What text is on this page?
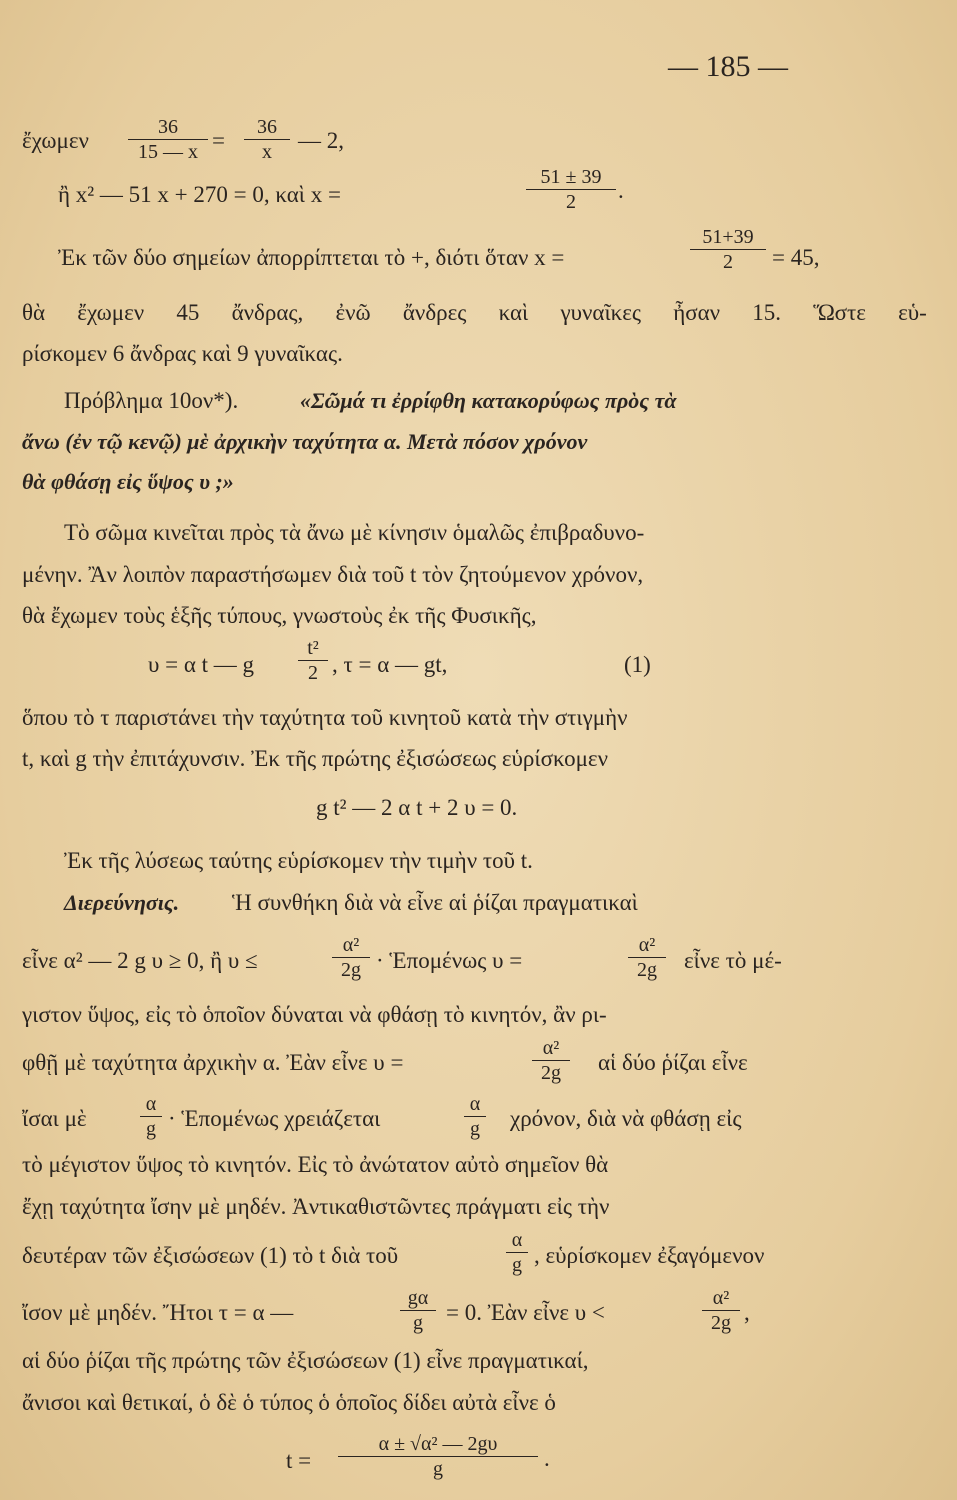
— 185 —
ἔχωμεν $\frac{36}{15 — x} = \frac{36}{x}$ — 2,
ἢ x² — 51 x + 270 = 0, καὶ x =	$\frac{51 \pm 39}{2}$ .
Ἐκ τῶν δύο σημείων ἀπορρίπτεται τὸ +, διότι ὅταν x =	$\frac{51+39}{2} = 45$,
θὰ ἔχωμεν 45 ἄνδρας, ἐνῶ ἄνδρες καὶ γυναῖκες ἦσαν 15. Ὥστε εὑ-
ρίσκομεν 6 ἄνδρας καὶ 9 γυναῖκας.
Πρόβλημα 10ον*).	«Σῶμά τι ἐρρίφθη κατακορύφως πρὸς τὰ
ἄνω (ἐν τῷ κενῷ) μὲ ἀρχικὴν ταχύτητα α. Μετὰ πόσον χρόνον
θὰ φθάσῃ εἰς ὕψος υ ;»
Τὸ σῶμα κινεῖται πρὸς τὰ ἄνω μὲ κίνησιν ὁμαλῶς ἐπιβραδυνο-
μένην. Ἂν λοιπὸν παραστήσωμεν διὰ τοῦ t τὸν ζητούμενον χρόνον,
θὰ ἔχωμεν τοὺς ἑξῆς τύπους, γνωστοὺς ἐκ τῆς Φυσικῆς,
υ = α t — g $\frac{\text{t²}}{2}$ , τ = α — gt,	(1)
ὅπου τὸ τ παριστάνει τὴν ταχύτητα τοῦ κινητοῦ κατὰ τὴν στιγμὴν
t, καὶ g τὴν ἐπιτάχυνσιν. Ἐκ τῆς πρώτης ἐξισώσεως εὑρίσκομεν
g t² — 2 α t + 2 υ = 0.
Ἐκ τῆς λύσεως ταύτης εὑρίσκομεν τὴν τιμὴν τοῦ t.
Διερεύνησις. Ἡ συνθήκη διὰ νὰ εἶνε αἱ ῥίζαι πραγματικαὶ
εἶνε α² — 2 g υ ≥ 0, ἢ υ ≤	$\frac{\text{α²}}{2g}$ · Ἑπομένως υ =	$\frac{\text{α²}}{2g}$ εἶνε τὸ μέ-
γιστον ὕψος, εἰς τὸ ὁποῖον δύναται νὰ φθάσῃ τὸ κινητόν, ἂν ρι-
φθῇ μὲ ταχύτητα ἀρχικὴν α. Ἐὰν εἶνε υ =	$\frac{\text{α²}}{2g}$ αἱ δύο ῥίζαι εἶνε
ἴσαι μὲ	$\frac{\alpha}{g}$ · Ἑπομένως χρειάζεται	$\frac{\alpha}{g} \chi\rho ό\nu o\nu$, διὰ νὰ φθάσῃ εἰς
τὸ μέγιστον ὕψος τὸ κινητόν. Εἰς τὸ ἀνώτατον αὐτὸ σημεῖον θὰ
ἔχῃ ταχύτητα ἴσην μὲ μηδέν. Ἀντικαθιστῶντες πράγματι εἰς τὴν
δευτέραν τῶν ἐξισώσεων (1) τὸ t διὰ τοῦ	$\frac{\alpha}{g}$ , εὑρίσκομεν ἐξαγόμενον
ἴσον μὲ μηδέν. Ἤτοι τ = α —	$\frac{g\alpha}{g} = 0$. Ἐὰν εἶνε υ <	$\frac{\text{α²}}{2g}$ ,
αἱ δύο ῥίζαι τῆς πρώτης τῶν ἐξισώσεων (1) εἶνε πραγματικαί,
ἄνισοι καὶ θετικαί, ὁ δὲ ὁ τύπος ὁ ὁποῖος δίδει αὐτὰ εἶνε ὁ
$t = \frac{\text{α ± √α² — 2gυ}}{g}$ .
